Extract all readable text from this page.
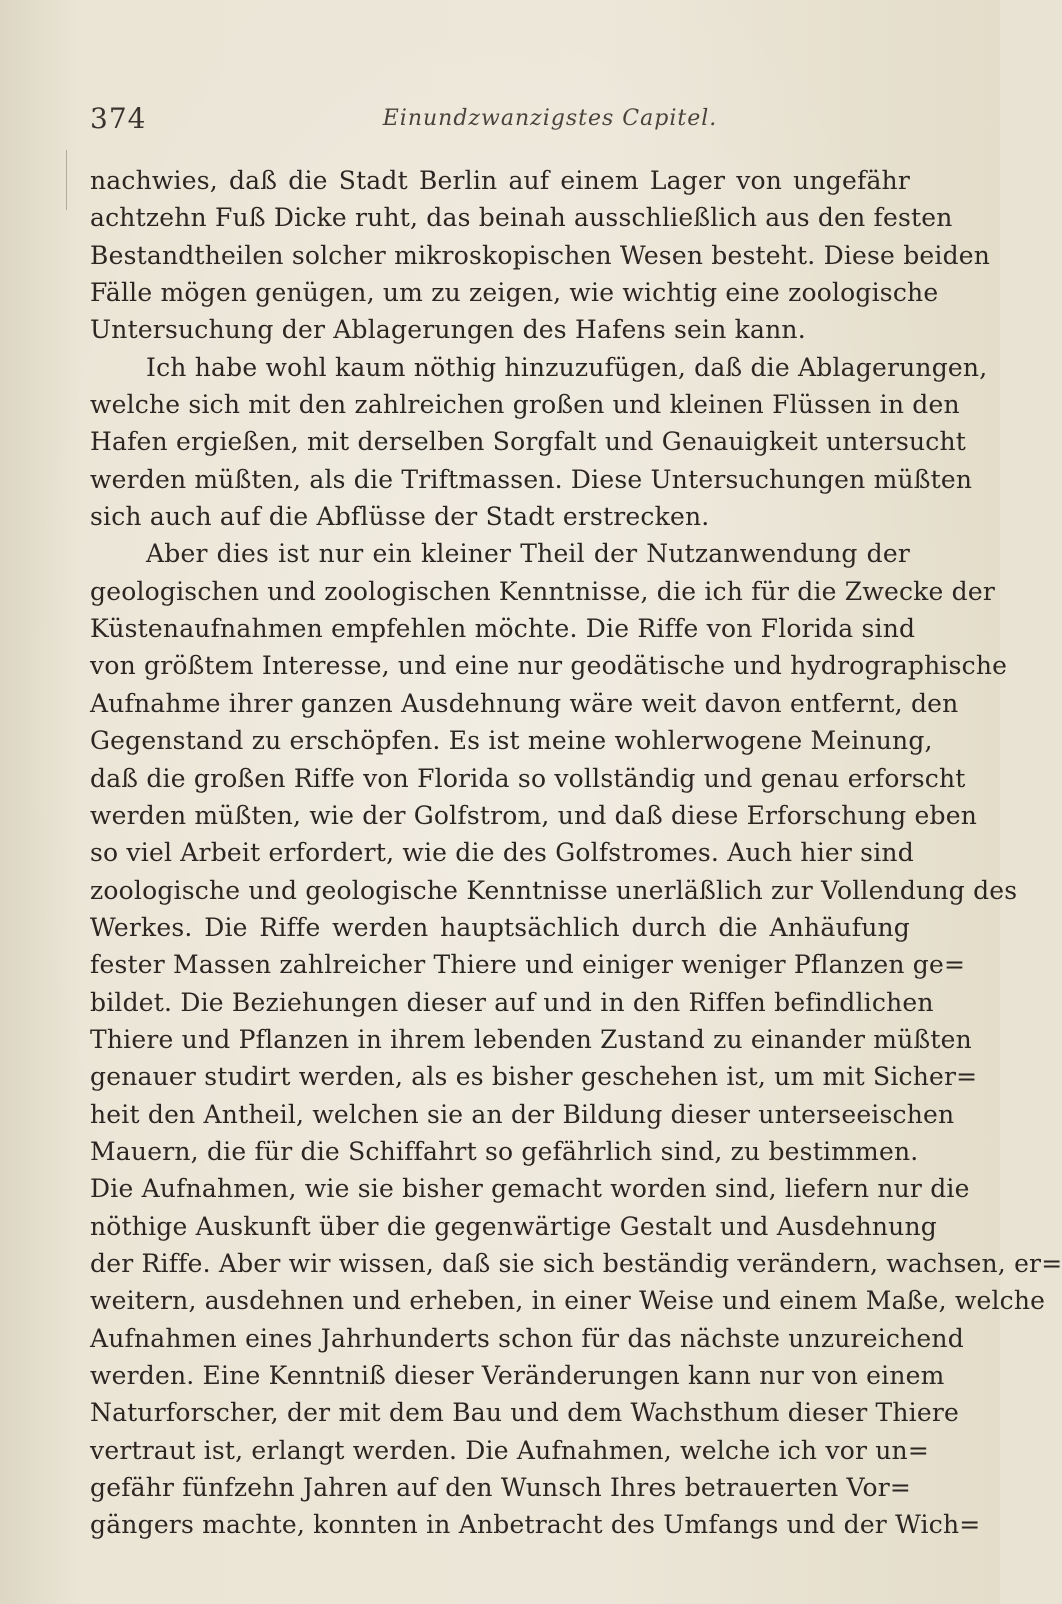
374	Einundzwanzigstes Capitel.
nachwies, daß die Stadt Berlin auf einem Lager von ungefähr
achtzehn Fuß Dicke ruht, das beinah ausschließlich aus den festen
Bestandtheilen solcher mikroskopischen Wesen besteht. Diese beiden
Fälle mögen genügen, um zu zeigen, wie wichtig eine zoologische
Untersuchung der Ablagerungen des Hafens sein kann.
Ich habe wohl kaum nöthig hinzuzufügen, daß die Ablagerungen,
welche sich mit den zahlreichen großen und kleinen Flüssen in den
Hafen ergießen, mit derselben Sorgfalt und Genauigkeit untersucht
werden müßten, als die Triftmassen. Diese Untersuchungen müßten
sich auch auf die Abflüsse der Stadt erstrecken.
Aber dies ist nur ein kleiner Theil der Nutzanwendung der
geologischen und zoologischen Kenntnisse, die ich für die Zwecke der
Küstenaufnahmen empfehlen möchte. Die Riffe von Florida sind
von größtem Interesse, und eine nur geodätische und hydrographische
Aufnahme ihrer ganzen Ausdehnung wäre weit davon entfernt, den
Gegenstand zu erschöpfen. Es ist meine wohlerwogene Meinung,
daß die großen Riffe von Florida so vollständig und genau erforscht
werden müßten, wie der Golfstrom, und daß diese Erforschung eben
so viel Arbeit erfordert, wie die des Golfstromes. Auch hier sind
zoologische und geologische Kenntnisse unerläßlich zur Vollendung des
Werkes. Die Riffe werden hauptsächlich durch die Anhäufung
fester Massen zahlreicher Thiere und einiger weniger Pflanzen ge=
bildet. Die Beziehungen dieser auf und in den Riffen befindlichen
Thiere und Pflanzen in ihrem lebenden Zustand zu einander müßten
genauer studirt werden, als es bisher geschehen ist, um mit Sicher=
heit den Antheil, welchen sie an der Bildung dieser unterseeischen
Mauern, die für die Schiffahrt so gefährlich sind, zu bestimmen.
Die Aufnahmen, wie sie bisher gemacht worden sind, liefern nur die
nöthige Auskunft über die gegenwärtige Gestalt und Ausdehnung
der Riffe. Aber wir wissen, daß sie sich beständig verändern, wachsen, er=
weitern, ausdehnen und erheben, in einer Weise und einem Maße, welche
Aufnahmen eines Jahrhunderts schon für das nächste unzureichend
werden. Eine Kenntniß dieser Veränderungen kann nur von einem
Naturforscher, der mit dem Bau und dem Wachsthum dieser Thiere
vertraut ist, erlangt werden. Die Aufnahmen, welche ich vor un=
gefähr fünfzehn Jahren auf den Wunsch Ihres betrauerten Vor=
gängers machte, konnten in Anbetracht des Umfangs und der Wich=
